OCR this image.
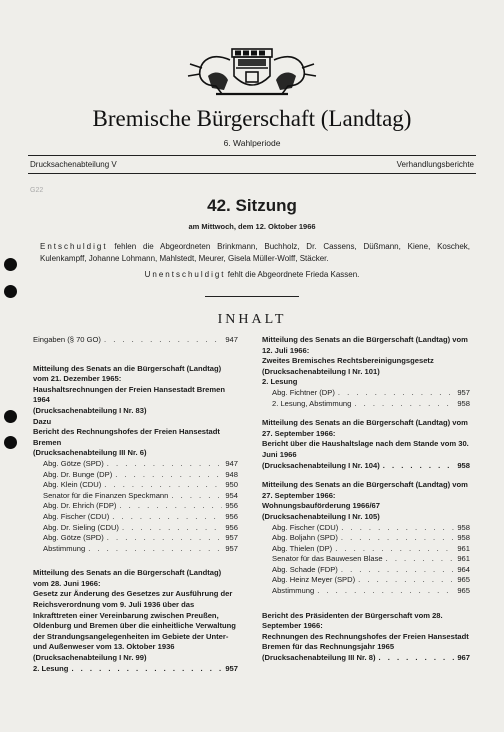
Bremische Bürgerschaft (Landtag)
6. Wahlperiode
Drucksachenabteilung V	Verhandlungsberichte
G22
42. Sitzung
am Mittwoch, dem 12. Oktober 1966
Entschuldigt fehlen die Abgeordneten Brinkmann, Buchholz, Dr. Cassens, Düßmann, Kiene, Koschek, Kulenkampff, Johanne Lohmann, Mahlstedt, Meurer, Gisela Müller-Wolff, Stäcker.
Unentschuldigt fehlt die Abgeordnete Frieda Kassen.
INHALT
Eingaben (§ 70 GO) . . .	947
Mitteilung des Senats an die Bürgerschaft (Landtag) vom 21. Dezember 1965:
Haushaltsrechnungen der Freien Hansestadt Bremen 1964
(Drucksachenabteilung I Nr. 83)
Dazu
Bericht des Rechnungshofes der Freien Hansestadt Bremen
(Drucksachenabteilung III Nr. 6)
Abg. Götze (SPD) . . .	947
Abg. Dr. Bunge (DP) . . .	948
Abg. Klein (CDU) . . .	950
Senator für die Finanzen Speckmann . . .	954
Abg. Dr. Ehrich (FDP) . . .	956
Abg. Fischer (CDU) . . .	956
Abg. Dr. Sieling (CDU) . . .	956
Abg. Götze (SPD) . . .	957
Abstimmung . . .	957
Mitteilung des Senats an die Bürgerschaft (Landtag) vom 28. Juni 1966:
Gesetz zur Änderung des Gesetzes zur Ausführung der Reichsverordnung vom 9. Juli 1936 über das Inkrafttreten einer Vereinbarung zwischen Preußen, Oldenburg und Bremen über die einheitliche Verwaltung der Strandungsangelegenheiten im Gebiete der Unter- und Außenweser vom 13. Oktober 1936
(Drucksachenabteilung I Nr. 99)
2. Lesung . . .	957
Mitteilung des Senats an die Bürgerschaft (Landtag) vom 12. Juli 1966:
Zweites Bremisches Rechtsbereinigungsgesetz
(Drucksachenabteilung I Nr. 101)
2. Lesung
Abg. Fichtner (DP) . . .	957
2. Lesung, Abstimmung . . .	958
Mitteilung des Senats an die Bürgerschaft (Landtag) vom 27. September 1966:
Bericht über die Haushaltslage nach dem Stande vom 30. Juni 1966
(Drucksachenabteilung I Nr. 104) . . .	958
Mitteilung des Senats an die Bürgerschaft (Landtag) vom 27. September 1966:
Wohnungsbauförderung 1966/67
(Drucksachenabteilung I Nr. 105)
Abg. Fischer (CDU) . . .	958
Abg. Boljahn (SPD) . . .	958
Abg. Thielen (DP) . . .	961
Senator für das Bauwesen Blase . . .	961
Abg. Schade (FDP) . . .	964
Abg. Heinz Meyer (SPD) . . .	965
Abstimmung . . .	965
Bericht des Präsidenten der Bürgerschaft vom 28. September 1966:
Rechnungen des Rechnungshofes der Freien Hansestadt Bremen für das Rechnungsjahr 1965
(Drucksachenabteilung III Nr. 8) . . .	967
